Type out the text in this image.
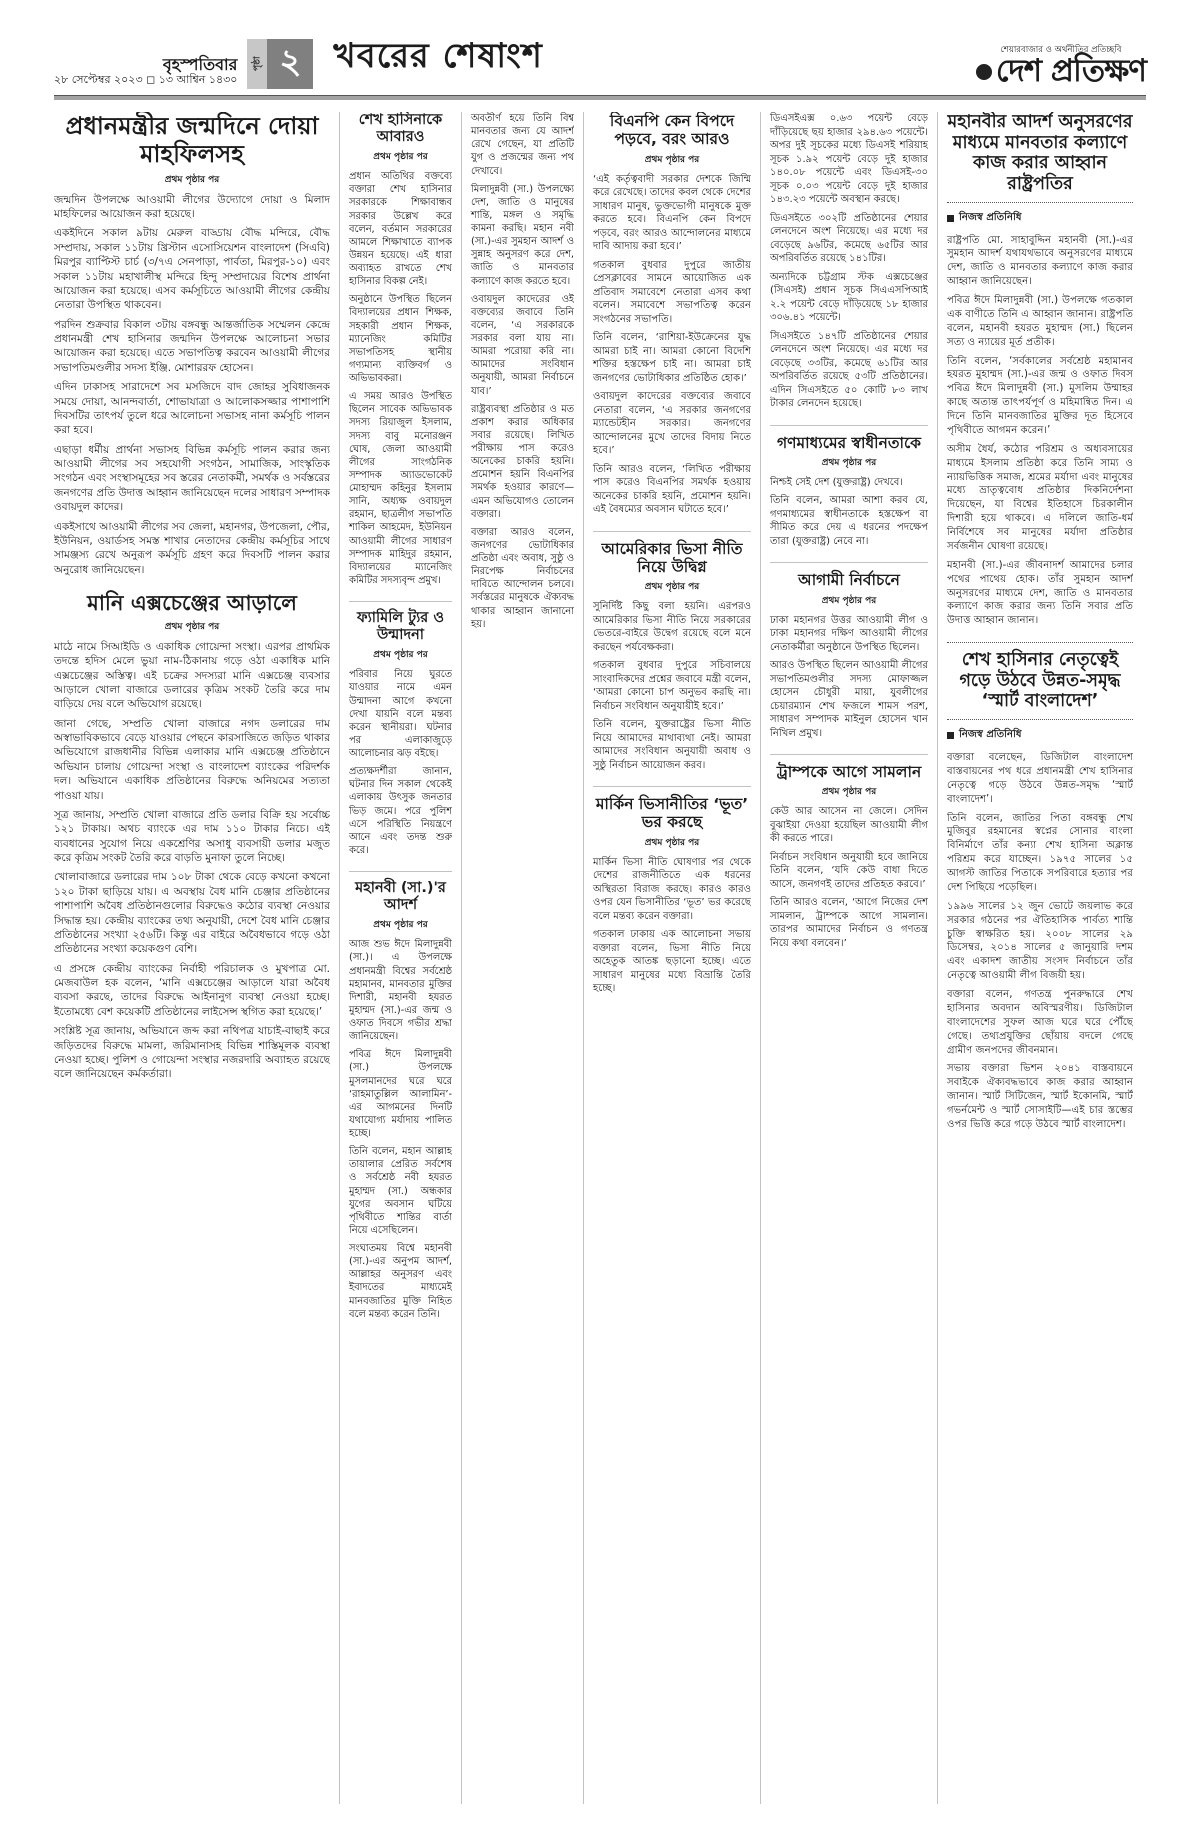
বৃহস্পতিবার
২৮ সেপ্টেম্বর ২০২৩ ◻ ১৩ আশ্বিন ১৪৩০
পৃষ্ঠা ২ খবরের শেষাংশ	শেয়ারবাজার ও অর্থনীতির প্রতিচ্ছবি
দেশ প্রতিক্ষণ
প্রধানমন্ত্রীর জন্মদিনে দোয়া মাহফিলসহ
প্রথম পৃষ্ঠার পর

জন্মদিন উপলক্ষে আওয়ামী লীগের উদ্যোগে দোয়া ও মিলাদ মাহফিলের আয়োজন করা হয়েছে।

একইদিনে সকাল ৯টায় মেরুল বাড্ডায় বৌদ্ধ মন্দিরে, বৌদ্ধ সম্প্রদায়, সকাল ১১টায় খ্রিস্টান এসোসিয়েশন বাংলাদেশ (সিএবি) মিরপুর ব্যাপ্টিস্ট চার্চ (৩/৭এ সেনপাড়া, পার্বতা, মিরপুর-১০) এবং সকাল ১১টায় মহাখালীস্থ মন্দিরে হিন্দু সম্প্রদায়ের বিশেষ প্রার্থনা আয়োজন করা হয়েছে। এসব কর্মসূচিতে আওয়ামী লীগের কেন্দ্রীয় নেতারা উপস্থিত থাকবেন।

পরদিন শুক্রবার বিকাল ৩টায় বঙ্গবন্ধু আন্তর্জাতিক সম্মেলন কেন্দ্রে প্রধানমন্ত্রী শেখ হাসিনার জন্মদিন উপলক্ষে আলোচনা সভার আয়োজন করা হয়েছে। এতে সভাপতিত্ব করবেন আওয়ামী লীগের সভাপতিমণ্ডলীর সদস্য ইঞ্জি. মোশাররফ হোসেন।

এদিন ঢাকাসহ সারাদেশে সব মসজিদে বাদ জোহর সুবিধাজনক সময়ে দোয়া, আনন্দবার্তা, শোভাযাত্রা ও আলোকসজ্জার পাশাপাশি দিবসটির তাৎপর্য তুলে ধরে আলোচনা সভাসহ নানা কর্মসূচি পালন করা হবে।

এছাড়া ধর্মীয় প্রার্থনা সভাসহ বিভিন্ন কর্মসূচি পালন করার জন্য আওয়ামী লীগের সব সহযোগী সংগঠন, সামাজিক, সাংস্কৃতিক সংগঠন এবং সংস্থাসমূহের সব স্তরের নেতাকর্মী, সমর্থক ও সর্বস্তরের জনগণের প্রতি উদাত্ত আহ্বান জানিয়েছেন দলের সাধারণ সম্পাদক ওবায়দুল কাদের।

একইসাথে আওয়ামী লীগের সব জেলা, মহানগর, উপজেলা, পৌর, ইউনিয়ন, ওয়ার্ডসহ সমস্ত শাখার নেতাদের কেন্দ্রীয় কর্মসূচির সাথে সামঞ্জস্য রেখে অনুরূপ কর্মসূচি গ্রহণ করে দিবসটি পালন করার অনুরোধ জানিয়েছেন।

মানি এক্সচেঞ্জের আড়ালে
প্রথম পৃষ্ঠার পর

মাঠে নামে সিআইডি ও একাধিক গোয়েন্দা সংস্থা। এরপর প্রাথমিক তদন্তে হদিস মেলে ভুয়া নাম-ঠিকানায় গড়ে ওঠা একাধিক মানি এক্সচেঞ্জের অস্তিত্ব। এই চক্রের সদস্যরা মানি এক্সচেঞ্জ ব্যবসার আড়ালে খোলা বাজারে ডলারের কৃত্রিম সংকট তৈরি করে দাম বাড়িয়ে দেয় বলে অভিযোগ রয়েছে।

জানা গেছে, সম্প্রতি খোলা বাজারে নগদ ডলারের দাম অস্বাভাবিকভাবে বেড়ে যাওয়ার পেছনে কারসাজিতে জড়িত থাকার অভিযোগে রাজধানীর বিভিন্ন এলাকার মানি এক্সচেঞ্জ প্রতিষ্ঠানে অভিযান চালায় গোয়েন্দা সংস্থা ও বাংলাদেশ ব্যাংকের পরিদর্শক দল। অভিযানে একাধিক প্রতিষ্ঠানের বিরুদ্ধে অনিয়মের সত্যতা পাওয়া যায়।

সূত্র জানায়, সম্প্রতি খোলা বাজারে প্রতি ডলার বিক্রি হয় সর্বোচ্চ ১২১ টাকায়। অথচ ব্যাংকে এর দাম ১১০ টাকার নিচে। এই ব্যবধানের সুযোগ নিয়ে একশ্রেণির অসাধু ব্যবসায়ী ডলার মজুত করে কৃত্রিম সংকট তৈরি করে বাড়তি মুনাফা তুলে নিচ্ছে।

খোলাবাজারে ডলারের দাম ১০৮ টাকা থেকে বেড়ে কখনো কখনো ১২০ টাকা ছাড়িয়ে যায়। এ অবস্থায় বৈধ মানি চেঞ্জার প্রতিষ্ঠানের পাশাপাশি অবৈধ প্রতিষ্ঠানগুলোর বিরুদ্ধেও কঠোর ব্যবস্থা নেওয়ার সিদ্ধান্ত হয়। কেন্দ্রীয় ব্যাংকের তথ্য অনুযায়ী, দেশে বৈধ মানি চেঞ্জার প্রতিষ্ঠানের সংখ্যা ২৫৬টি। কিন্তু এর বাইরে অবৈধভাবে গড়ে ওঠা প্রতিষ্ঠানের সংখ্যা কয়েকগুণ বেশি।

এ প্রসঙ্গে কেন্দ্রীয় ব্যাংকের নির্বাহী পরিচালক ও মুখপাত্র মো. মেজবাউল হক বলেন, ‘মানি এক্সচেঞ্জের আড়ালে যারা অবৈধ ব্যবসা করছে, তাদের বিরুদ্ধে আইনানুগ ব্যবস্থা নেওয়া হচ্ছে। ইতোমধ্যে বেশ কয়েকটি প্রতিষ্ঠানের লাইসেন্স স্থগিত করা হয়েছে।’

সংশ্লিষ্ট সূত্র জানায়, অভিযানে জব্দ করা নথিপত্র যাচাই-বাছাই করে জড়িতদের বিরুদ্ধে মামলা, জরিমানাসহ বিভিন্ন শাস্তিমূলক ব্যবস্থা নেওয়া হচ্ছে। পুলিশ ও গোয়েন্দা সংস্থার নজরদারি অব্যাহত রয়েছে বলে জানিয়েছেন কর্মকর্তারা।

শেখ হাসিনাকে আবারও
প্রথম পৃষ্ঠার পর

প্রধান অতিথির বক্তব্যে বক্তারা শেখ হাসিনার সরকারকে শিক্ষাবান্ধব সরকার উল্লেখ করে বলেন, বর্তমান সরকারের আমলে শিক্ষাখাতে ব্যাপক উন্নয়ন হয়েছে। এই ধারা অব্যাহত রাখতে শেখ হাসিনার বিকল্প নেই।

অনুষ্ঠানে উপস্থিত ছিলেন বিদ্যালয়ের প্রধান শিক্ষক, সহকারী প্রধান শিক্ষক, ম্যানেজিং কমিটির সভাপতিসহ স্থানীয় গণ্যমান্য ব্যক্তিবর্গ ও অভিভাবকরা।

এ সময় আরও উপস্থিত ছিলেন সাবেক অভিভাবক সদস্য রিয়াজুল ইসলাম, সদস্য বাবু মনোরঞ্জন ঘোষ, জেলা আওয়ামী লীগের সাংগঠনিক সম্পাদক অ্যাডভোকেট মোহাম্মদ কহিনুর ইসলাম সানি, অধ্যক্ষ ওবায়দুল রহমান, ছাত্রলীগ সভাপতি শাকিল আহমেদ, ইউনিয়ন আওয়ামী লীগের সাধারণ সম্পাদক মাহিদুর রহমান, বিদ্যালয়ের ম্যানেজিং কমিটির সদস্যবৃন্দ প্রমুখ।

ফ্যামিলি ট্যুর ও উন্মাদনা
প্রথম পৃষ্ঠার পর

পরিবার নিয়ে ঘুরতে যাওয়ার নামে এমন উন্মাদনা আগে কখনো দেখা যায়নি বলে মন্তব্য করেন স্থানীয়রা। ঘটনার পর এলাকাজুড়ে আলোচনার ঝড় বইছে।

প্রত্যক্ষদর্শীরা জানান, ঘটনার দিন সকাল থেকেই এলাকায় উৎসুক জনতার ভিড় জমে। পরে পুলিশ এসে পরিস্থিতি নিয়ন্ত্রণে আনে এবং তদন্ত শুরু করে।

মহানবী (সা.)'র আদর্শ
প্রথম পৃষ্ঠার পর

আজ শুভ ঈদে মিলাদুন্নবী (সা.)। এ উপলক্ষে প্রধানমন্ত্রী বিশ্বের সর্বশ্রেষ্ঠ মহামানব, মানবতার মুক্তির দিশারী, মহানবী হযরত মুহাম্মদ (সা.)-এর জন্ম ও ওফাত দিবসে গভীর শ্রদ্ধা জানিয়েছেন।

পবিত্র ঈদে মিলাদুন্নবী (সা.) উপলক্ষে মুসলমানদের ঘরে ঘরে ‘রাহমাতুল্লিল আলামিন’-এর আগমনের দিনটি যথাযোগ্য মর্যাদায় পালিত হচ্ছে।

তিনি বলেন, মহান আল্লাহ তায়ালার প্রেরিত সর্বশেষ ও সর্বশ্রেষ্ঠ নবী হযরত মুহাম্মদ (সা.) অন্ধকার যুগের অবসান ঘটিয়ে পৃথিবীতে শান্তির বার্তা নিয়ে এসেছিলেন।

সংঘাতময় বিশ্বে মহানবী (সা.)-এর অনুপম আদর্শ, আল্লাহর অনুসরণ এবং ইবাদতের মাধ্যমেই মানবজাতির মুক্তি নিহিত বলে মন্তব্য করেন তিনি।

অবতীর্ণ হয়ে তিনি বিশ্ব মানবতার জন্য যে আদর্শ রেখে গেছেন, যা প্রতিটি যুগ ও প্রজন্মের জন্য পথ দেখাবে।

মিলাদুন্নবী (সা.) উপলক্ষ্যে দেশ, জাতি ও মানুষের শান্তি, মঙ্গল ও সমৃদ্ধি কামনা করছি। মহান নবী (সা.)-এর সুমহান আদর্শ ও সুন্নাহ অনুসরণ করে দেশ, জাতি ও মানবতার কল্যাণে কাজ করতে হবে।

ওবায়দুল কাদেরের ওই বক্তব্যের জবাবে তিনি বলেন, ‘এ সরকারকে সরকার বলা যায় না। আমরা পরোয়া করি না। আমাদের সংবিধান অনুযায়ী, আমরা নির্বাচনে যাব।’

রাষ্ট্রব্যবস্থা প্রতিষ্ঠার ও মত প্রকাশ করার অধিকার সবার রয়েছে। লিখিত পরীক্ষায় পাস করেও অনেকের চাকরি হয়নি। প্রমোশন হয়নি বিএনপির সমর্থক হওয়ার কারণে—এমন অভিযোগও তোলেন বক্তারা।

বক্তারা আরও বলেন, জনগণের ভোটাধিকার প্রতিষ্ঠা এবং অবাধ, সুষ্ঠু ও নিরপেক্ষ নির্বাচনের দাবিতে আন্দোলন চলবে। সর্বস্তরের মানুষকে ঐক্যবদ্ধ থাকার আহ্বান জানানো হয়।

বিএনপি কেন বিপদে পড়বে, বরং আরও
প্রথম পৃষ্ঠার পর

‘এই কর্তৃত্ববাদী সরকার দেশকে জিম্মি করে রেখেছে। তাদের কবল থেকে দেশের সাধারণ মানুষ, ভুক্তভোগী মানুষকে মুক্ত করতে হবে। বিএনপি কেন বিপদে পড়বে, বরং আরও আন্দোলনের মাধ্যমে দাবি আদায় করা হবে।’

গতকাল বুধবার দুপুরে জাতীয় প্রেসক্লাবের সামনে আয়োজিত এক প্রতিবাদ সমাবেশে নেতারা এসব কথা বলেন। সমাবেশে সভাপতিত্ব করেন সংগঠনের সভাপতি।

তিনি বলেন, ‘রাশিয়া-ইউক্রেনের যুদ্ধ আমরা চাই না। আমরা কোনো বিদেশি শক্তির হস্তক্ষেপ চাই না। আমরা চাই জনগণের ভোটাধিকার প্রতিষ্ঠিত হোক।’

ওবায়দুল কাদেরের বক্তব্যের জবাবে নেতারা বলেন, ‘এ সরকার জনগণের ম্যান্ডেটহীন সরকার। জনগণের আন্দোলনের মুখে তাদের বিদায় নিতে হবে।’

তিনি আরও বলেন, ‘লিখিত পরীক্ষায় পাস করেও বিএনপির সমর্থক হওয়ায় অনেকের চাকরি হয়নি, প্রমোশন হয়নি। এই বৈষম্যের অবসান ঘটাতে হবে।’

আমেরিকার ভিসা নীতি নিয়ে উদ্বিগ্ন
প্রথম পৃষ্ঠার পর

সুনির্দিষ্ট কিছু বলা হয়নি। এরপরও আমেরিকার ভিসা নীতি নিয়ে সরকারের ভেতরে-বাইরে উদ্বেগ রয়েছে বলে মনে করছেন পর্যবেক্ষকরা।

গতকাল বুধবার দুপুরে সচিবালয়ে সাংবাদিকদের প্রশ্নের জবাবে মন্ত্রী বলেন, ‘আমরা কোনো চাপ অনুভব করছি না। নির্বাচন সংবিধান অনুযায়ীই হবে।’

তিনি বলেন, যুক্তরাষ্ট্রের ভিসা নীতি নিয়ে আমাদের মাথাব্যথা নেই। আমরা আমাদের সংবিধান অনুযায়ী অবাধ ও সুষ্ঠু নির্বাচন আয়োজন করব।

মার্কিন ভিসানীতির ‘ভূত’ ভর করছে
প্রথম পৃষ্ঠার পর

মার্কিন ভিসা নীতি ঘোষণার পর থেকে দেশের রাজনীতিতে এক ধরনের অস্থিরতা বিরাজ করছে। কারও কারও ওপর যেন ভিসানীতির ‘ভূত’ ভর করেছে বলে মন্তব্য করেন বক্তারা।

গতকাল ঢাকায় এক আলোচনা সভায় বক্তারা বলেন, ভিসা নীতি নিয়ে অহেতুক আতঙ্ক ছড়ানো হচ্ছে। এতে সাধারণ মানুষের মধ্যে বিভ্রান্তি তৈরি হচ্ছে।

ডিএসইএক্স ০.৬৩ পয়েন্ট বেড়ে দাঁড়িয়েছে ছয় হাজার ২৯৪.৬৩ পয়েন্টে। অপর দুই সূচকের মধ্যে ডিএসই শরিয়াহ সূচক ১.৯২ পয়েন্ট বেড়ে দুই হাজার ১৪০.০৮ পয়েন্টে এবং ডিএসই-৩০ সূচক ০.০৩ পয়েন্ট বেড়ে দুই হাজার ১৪৩.২৩ পয়েন্টে অবস্থান করছে।

ডিএসইতে ৩০২টি প্রতিষ্ঠানের শেয়ার লেনদেনে অংশ নিয়েছে। এর মধ্যে দর বেড়েছে ৯৬টির, কমেছে ৬৫টির আর অপরিবর্তিত রয়েছে ১৪১টির।

অন্যদিকে চট্টগ্রাম স্টক এক্সচেঞ্জের (সিএসই) প্রধান সূচক সিএএসপিআই ২.২ পয়েন্ট বেড়ে দাঁড়িয়েছে ১৮ হাজার ৩০৬.৪১ পয়েন্টে।

সিএসইতে ১৪৭টি প্রতিষ্ঠানের শেয়ার লেনদেনে অংশ নিয়েছে। এর মধ্যে দর বেড়েছে ৩৩টির, কমেছে ৬১টির আর অপরিবর্তিত রয়েছে ৫৩টি প্রতিষ্ঠানের। এদিন সিএসইতে ৫০ কোটি ৮৩ লাখ টাকার লেনদেন হয়েছে।

গণমাধ্যমের স্বাধীনতাকে
প্রথম পৃষ্ঠার পর

নিশ্চই সেই দেশ (যুক্তরাষ্ট্র) দেখবে।

তিনি বলেন, আমরা আশা করব যে, গণমাধ্যমের স্বাধীনতাকে হস্তক্ষেপ বা সীমিত করে দেয় এ ধরনের পদক্ষেপ তারা (যুক্তরাষ্ট্র) নেবে না।

আগামী নির্বাচনে
প্রথম পৃষ্ঠার পর

ঢাকা মহানগর উত্তর আওয়ামী লীগ ও ঢাকা মহানগর দক্ষিণ আওয়ামী লীগের নেতাকর্মীরা অনুষ্ঠানে উপস্থিত ছিলেন।

আরও উপস্থিত ছিলেন আওয়ামী লীগের সভাপতিমণ্ডলীর সদস্য মোফাজ্জল হোসেন চৌধুরী মায়া, যুবলীগের চেয়ারম্যান শেখ ফজলে শামস পরশ, সাধারণ সম্পাদক মাইনুল হোসেন খান নিখিল প্রমুখ।

ট্রাম্পকে আগে সামলান
প্রথম পৃষ্ঠার পর

কেউ আর আসেন না জেলে। সেদিন বুঝাইয়া দেওয়া হয়েছিল আওয়ামী লীগ কী করতে পারে।

নির্বাচন সংবিধান অনুযায়ী হবে জানিয়ে তিনি বলেন, ‘যদি কেউ বাধা দিতে আসে, জনগণই তাদের প্রতিহত করবে।’

তিনি আরও বলেন, ‘আগে নিজের দেশ সামলান, ট্রাম্পকে আগে সামলান। তারপর আমাদের নির্বাচন ও গণতন্ত্র নিয়ে কথা বলবেন।’

মহানবীর আদর্শ অনুসরণের মাধ্যমে মানবতার কল্যাণে কাজ করার আহ্বান রাষ্ট্রপতির
নিজস্ব প্রতিনিধি

রাষ্ট্রপতি মো. সাহাবুদ্দিন মহানবী (সা.)-এর সুমহান আদর্শ যথাযথভাবে অনুসরণের মাধ্যমে দেশ, জাতি ও মানবতার কল্যাণে কাজ করার আহ্বান জানিয়েছেন।

পবিত্র ঈদে মিলাদুন্নবী (সা.) উপলক্ষে গতকাল এক বাণীতে তিনি এ আহ্বান জানান। রাষ্ট্রপতি বলেন, মহানবী হযরত মুহাম্মদ (সা.) ছিলেন সত্য ও ন্যায়ের মূর্ত প্রতীক।

তিনি বলেন, ‘সর্বকালের সর্বশ্রেষ্ঠ মহামানব হযরত মুহাম্মদ (সা.)-এর জন্ম ও ওফাত দিবস পবিত্র ঈদে মিলাদুন্নবী (সা.) মুসলিম উম্মাহর কাছে অত্যন্ত তাৎপর্যপূর্ণ ও মহিমান্বিত দিন। এ দিনে তিনি মানবজাতির মুক্তির দূত হিসেবে পৃথিবীতে আগমন করেন।’

অসীম ধৈর্য, কঠোর পরিশ্রম ও অধ্যবসায়ের মাধ্যমে ইসলাম প্রতিষ্ঠা করে তিনি সাম্য ও ন্যায়ভিত্তিক সমাজ, শ্রমের মর্যাদা এবং মানুষের মধ্যে ভ্রাতৃত্ববোধ প্রতিষ্ঠার দিকনির্দেশনা দিয়েছেন, যা বিশ্বের ইতিহাসে চিরকালীন দিশারী হয়ে থাকবে। এ দলিলে জাতি-ধর্ম নির্বিশেষে সব মানুষের মর্যাদা প্রতিষ্ঠার সর্বজনীন ঘোষণা রয়েছে।

মহানবী (সা.)-এর জীবনাদর্শ আমাদের চলার পথের পাথেয় হোক। তাঁর সুমহান আদর্শ অনুসরণের মাধ্যমে দেশ, জাতি ও মানবতার কল্যাণে কাজ করার জন্য তিনি সবার প্রতি উদাত্ত আহ্বান জানান।

শেখ হাসিনার নেতৃত্বেই গড়ে উঠবে উন্নত-সমৃদ্ধ ‘স্মার্ট বাংলাদেশ’
নিজস্ব প্রতিনিধি

বক্তারা বলেছেন, ডিজিটাল বাংলাদেশ বাস্তবায়নের পথ ধরে প্রধানমন্ত্রী শেখ হাসিনার নেতৃত্বে গড়ে উঠবে উন্নত-সমৃদ্ধ ‘স্মার্ট বাংলাদেশ’।

তিনি বলেন, জাতির পিতা বঙ্গবন্ধু শেখ মুজিবুর রহমানের স্বপ্নের সোনার বাংলা বিনির্মাণে তাঁর কন্যা শেখ হাসিনা অক্লান্ত পরিশ্রম করে যাচ্ছেন। ১৯৭৫ সালের ১৫ আগস্ট জাতির পিতাকে সপরিবারে হত্যার পর দেশ পিছিয়ে পড়েছিল।

১৯৯৬ সালের ১২ জুন ভোটে জয়লাভ করে সরকার গঠনের পর ঐতিহাসিক পার্বত্য শান্তি চুক্তি স্বাক্ষরিত হয়। ২০০৮ সালের ২৯ ডিসেম্বর, ২০১৪ সালের ৫ জানুয়ারি দশম এবং একাদশ জাতীয় সংসদ নির্বাচনে তাঁর নেতৃত্বে আওয়ামী লীগ বিজয়ী হয়।

বক্তারা বলেন, গণতন্ত্র পুনরুদ্ধারে শেখ হাসিনার অবদান অবিস্মরণীয়। ডিজিটাল বাংলাদেশের সুফল আজ ঘরে ঘরে পৌঁছে গেছে। তথ্যপ্রযুক্তির ছোঁয়ায় বদলে গেছে গ্রামীণ জনপদের জীবনমান।

সভায় বক্তারা ভিশন ২০৪১ বাস্তবায়নে সবাইকে ঐক্যবদ্ধভাবে কাজ করার আহ্বান জানান। স্মার্ট সিটিজেন, স্মার্ট ইকোনমি, স্মার্ট গভর্নমেন্ট ও স্মার্ট সোসাইটি—এই চার স্তম্ভের ওপর ভিত্তি করে গড়ে উঠবে স্মার্ট বাংলাদেশ।
